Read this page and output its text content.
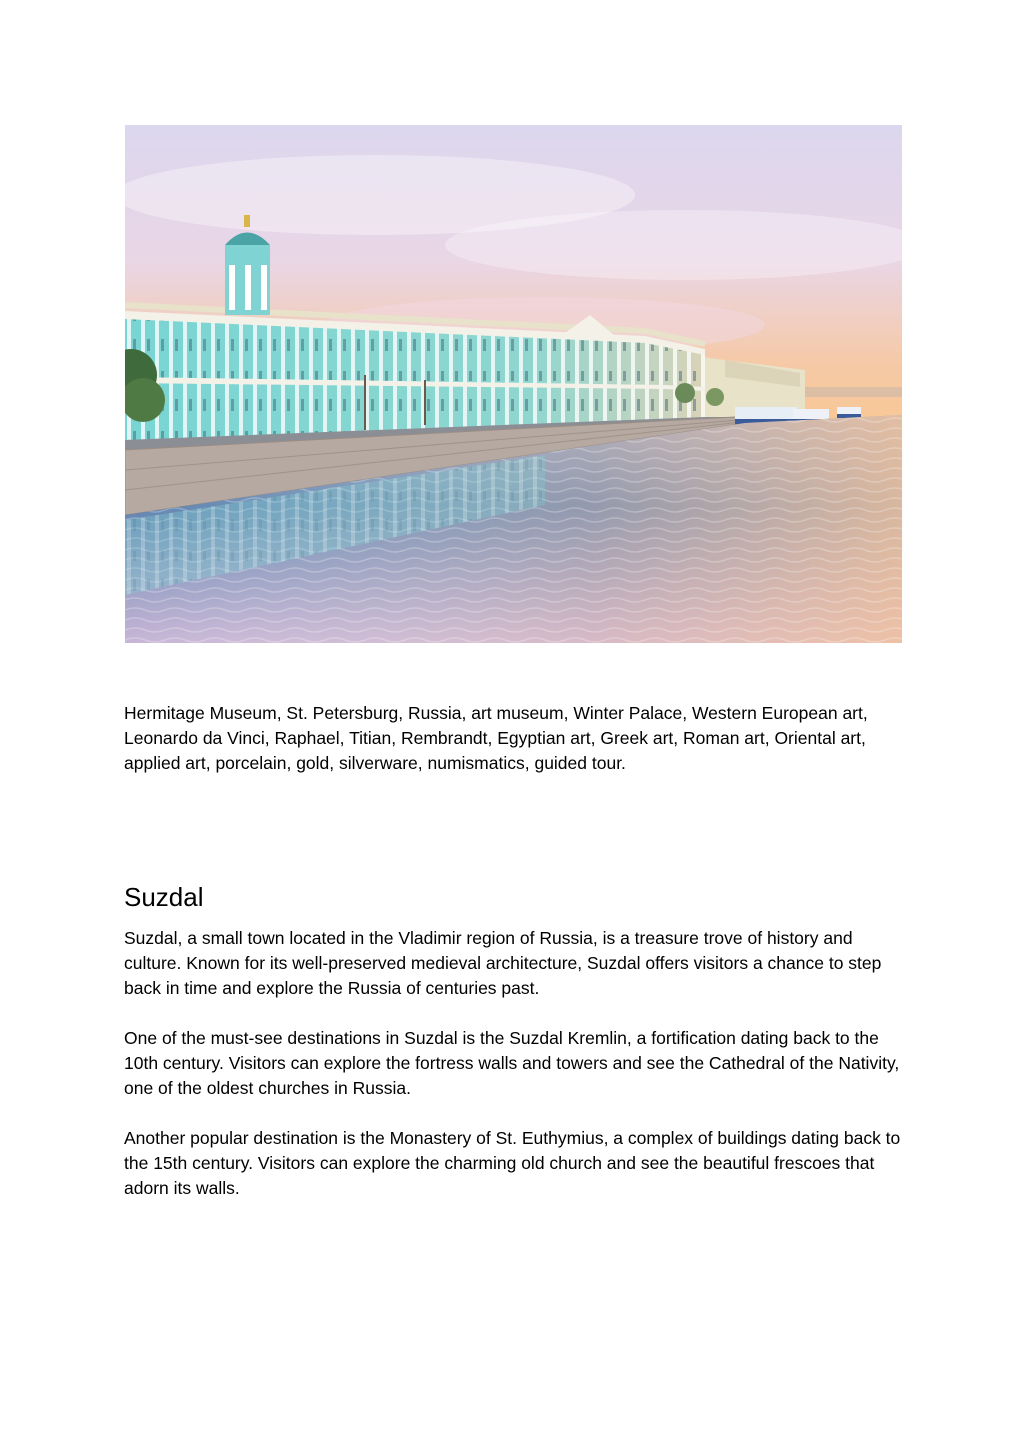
Hermitage Museum, St. Petersburg, Russia, art museum, Winter Palace, Western European art, Leonardo da Vinci, Raphael, Titian, Rembrandt, Egyptian art, Greek art, Roman art, Oriental art, applied art, porcelain, gold, silverware, numismatics, guided tour.

Suzdal

Suzdal, a small town located in the Vladimir region of Russia, is a treasure trove of history and culture. Known for its well-preserved medieval architecture, Suzdal offers visitors a chance to step back in time and explore the Russia of centuries past.

One of the must-see destinations in Suzdal is the Suzdal Kremlin, a fortification dating back to the 10th century. Visitors can explore the fortress walls and towers and see the Cathedral of the Nativity, one of the oldest churches in Russia.

Another popular destination is the Monastery of St. Euthymius, a complex of buildings dating back to the 15th century. Visitors can explore the charming old church and see the beautiful frescoes that adorn its walls.
